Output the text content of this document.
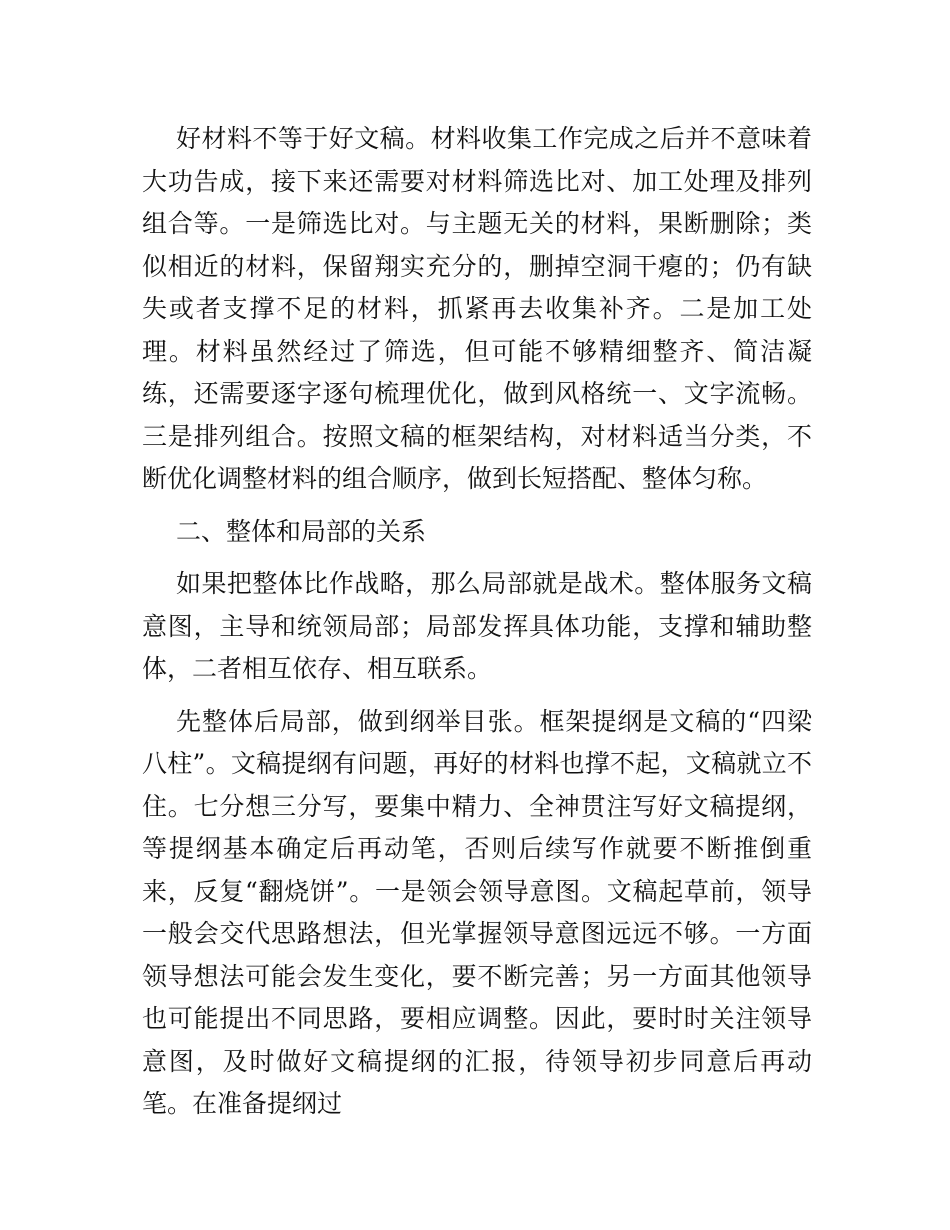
好材料不等于好文稿。材料收集工作完成之后并不意味着大功告成，接下来还需要对材料筛选比对、加工处理及排列组合等。一是筛选比对。与主题无关的材料，果断删除；类似相近的材料，保留翔实充分的，删掉空洞干瘪的；仍有缺失或者支撑不足的材料，抓紧再去收集补齐。二是加工处理。材料虽然经过了筛选，但可能不够精细整齐、简洁凝练，还需要逐字逐句梳理优化，做到风格统一、文字流畅。三是排列组合。按照文稿的框架结构，对材料适当分类，不断优化调整材料的组合顺序，做到长短搭配、整体匀称。

二、整体和局部的关系

如果把整体比作战略，那么局部就是战术。整体服务文稿意图，主导和统领局部；局部发挥具体功能，支撑和辅助整体，二者相互依存、相互联系。

先整体后局部，做到纲举目张。框架提纲是文稿的“四梁八柱”。文稿提纲有问题，再好的材料也撑不起，文稿就立不住。七分想三分写，要集中精力、全神贯注写好文稿提纲，等提纲基本确定后再动笔，否则后续写作就要不断推倒重来，反复“翻烧饼”。一是领会领导意图。文稿起草前，领导一般会交代思路想法，但光掌握领导意图远远不够。一方面领导想法可能会发生变化，要不断完善；另一方面其他领导也可能提出不同思路，要相应调整。因此，要时时关注领导意图，及时做好文稿提纲的汇报，待领导初步同意后再动笔。在准备提纲过
